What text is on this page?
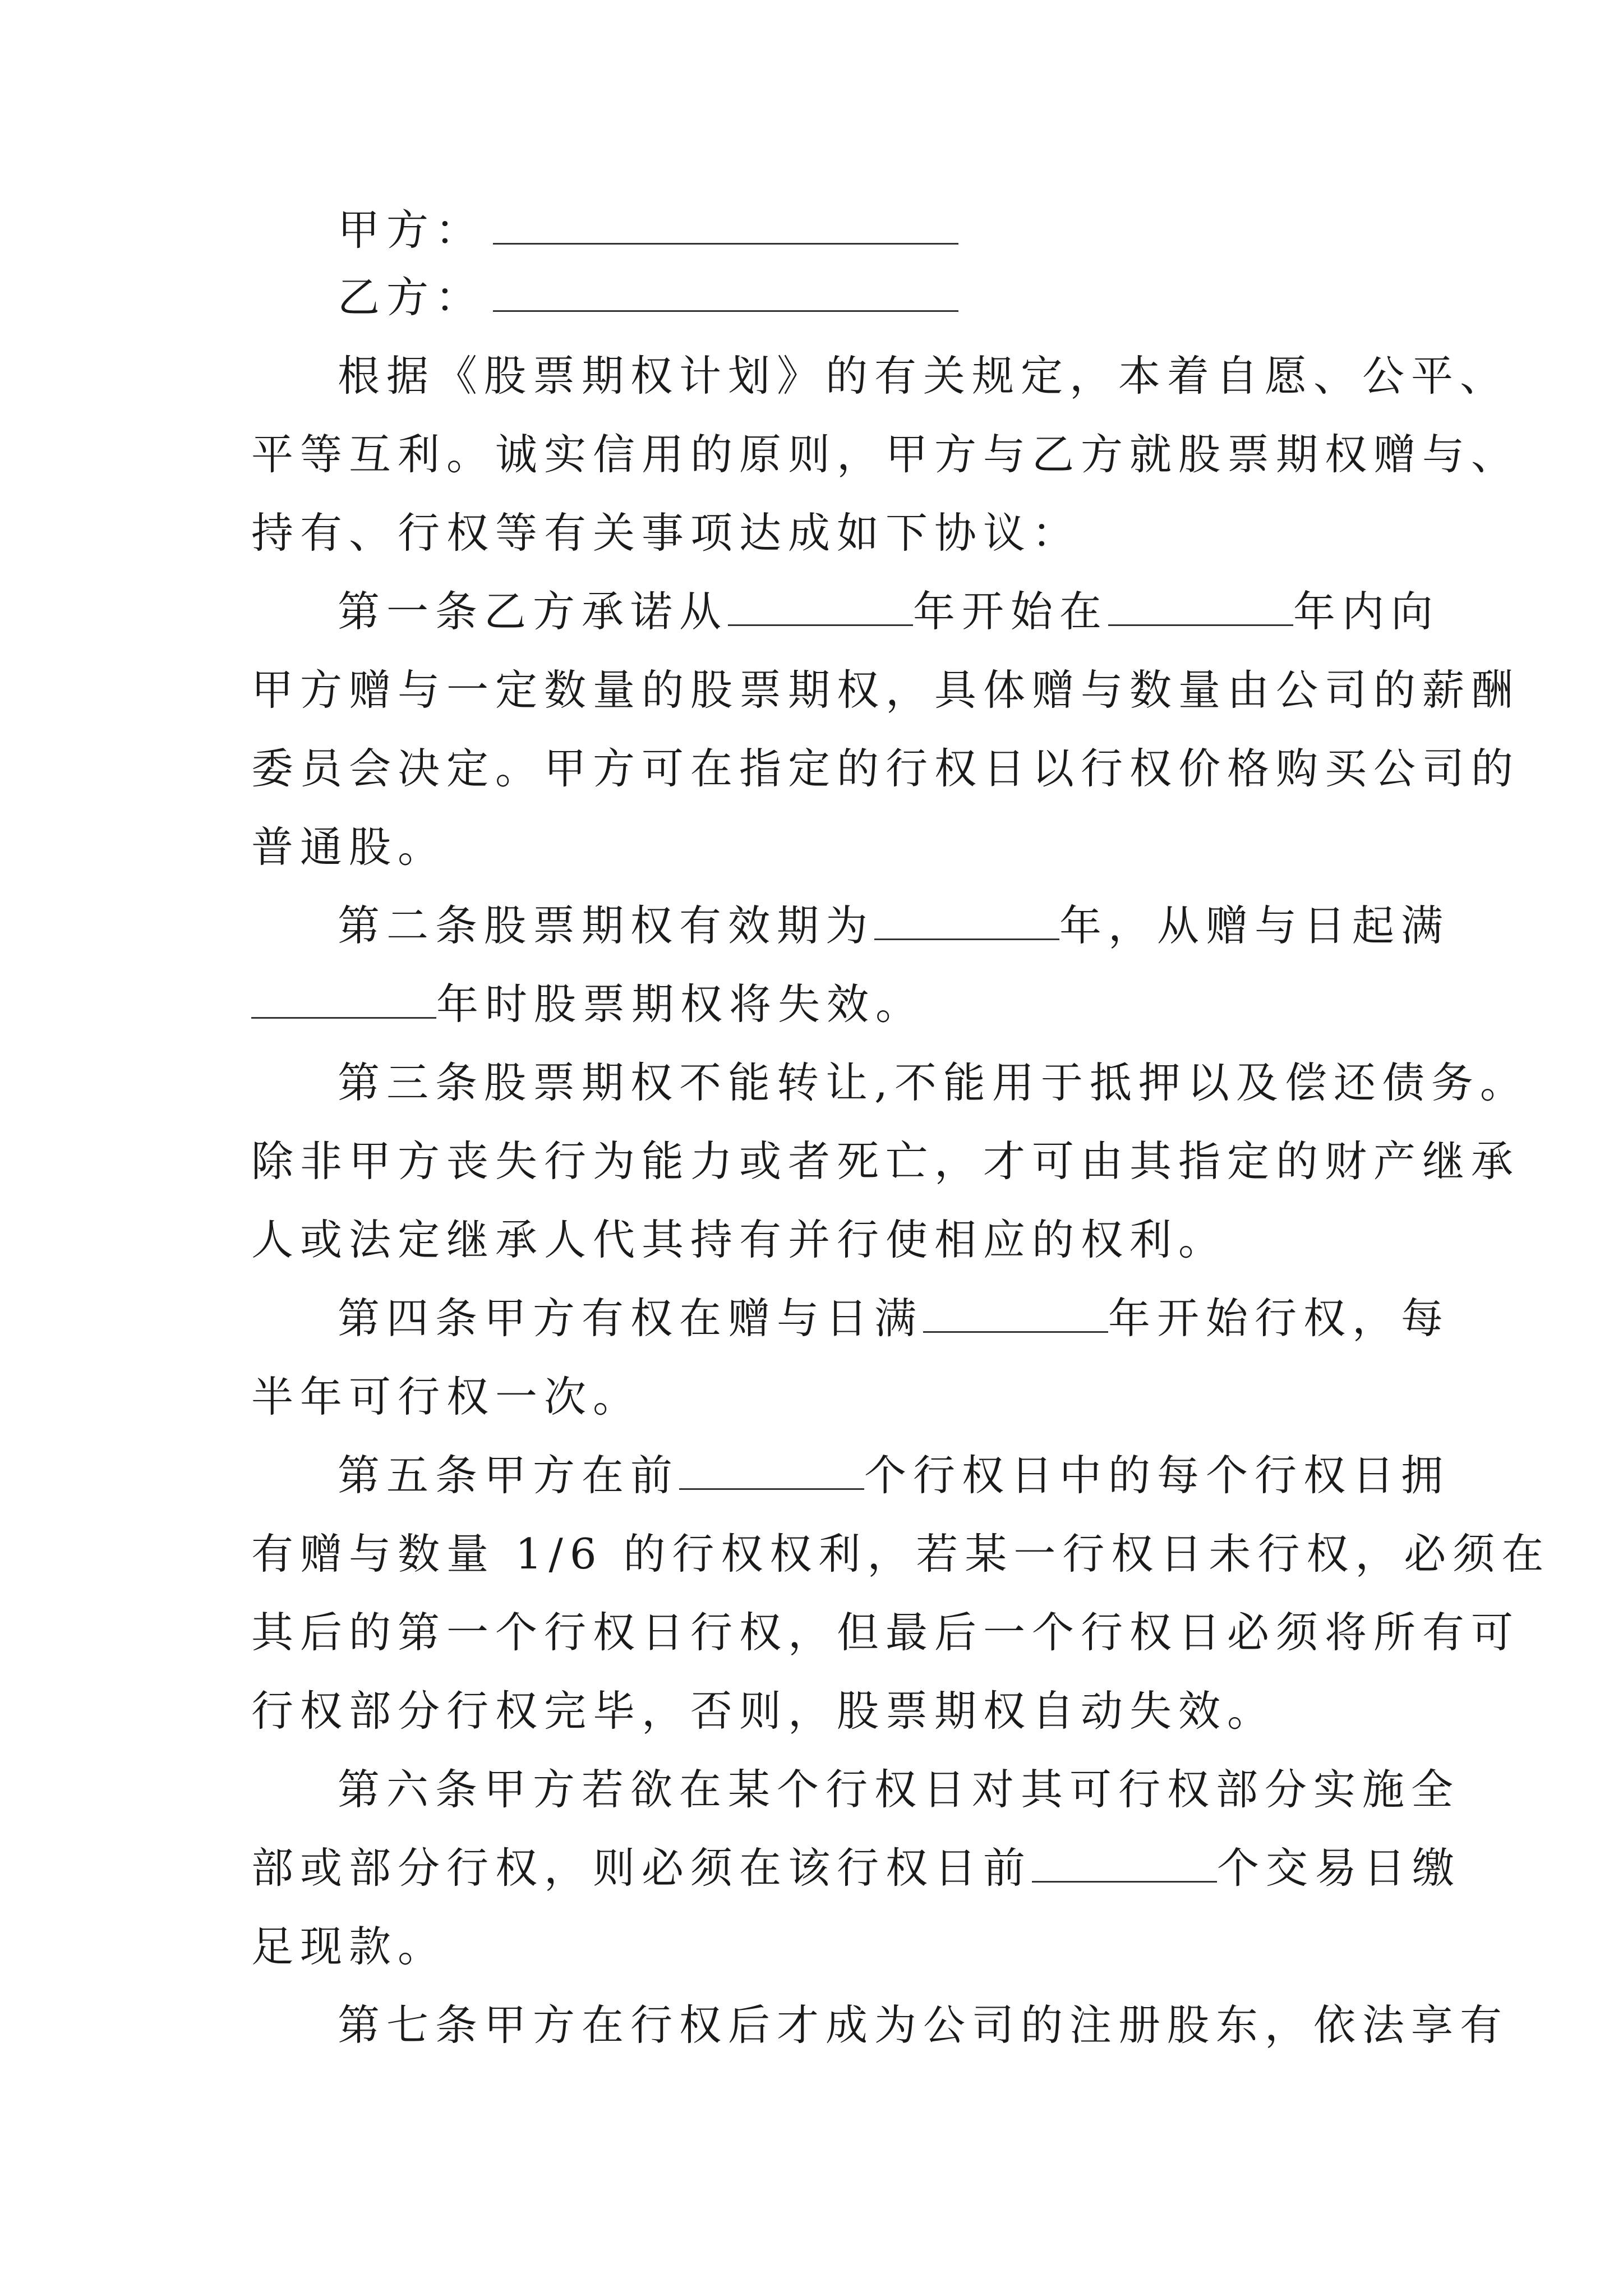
甲方：
乙方：
根据《股票期权计划》的有关规定，本着自愿、公平、
平等互利。诚实信用的原则，甲方与乙方就股票期权赠与、
持有、行权等有关事项达成如下协议：
第一条乙方承诺从	年开始在	年内向
甲方赠与一定数量的股票期权，具体赠与数量由公司的薪酬
委员会决定。甲方可在指定的行权日以行权价格购买公司的
普通股。
第二条股票期权有效期为	年，从赠与日起满
年时股票期权将失效。
第三条股票期权不能转让,不能用于抵押以及偿还债务。
除非甲方丧失行为能力或者死亡，才可由其指定的财产继承
人或法定继承人代其持有并行使相应的权利。
第四条甲方有权在赠与日满	年开始行权，每
半年可行权一次。
第五条甲方在前	个行权日中的每个行权日拥
有赠与数量 1/6 的行权权利，若某一行权日未行权，必须在
其后的第一个行权日行权，但最后一个行权日必须将所有可
行权部分行权完毕，否则，股票期权自动失效。
第六条甲方若欲在某个行权日对其可行权部分实施全
部或部分行权，则必须在该行权日前	个交易日缴
足现款。
第七条甲方在行权后才成为公司的注册股东，依法享有
